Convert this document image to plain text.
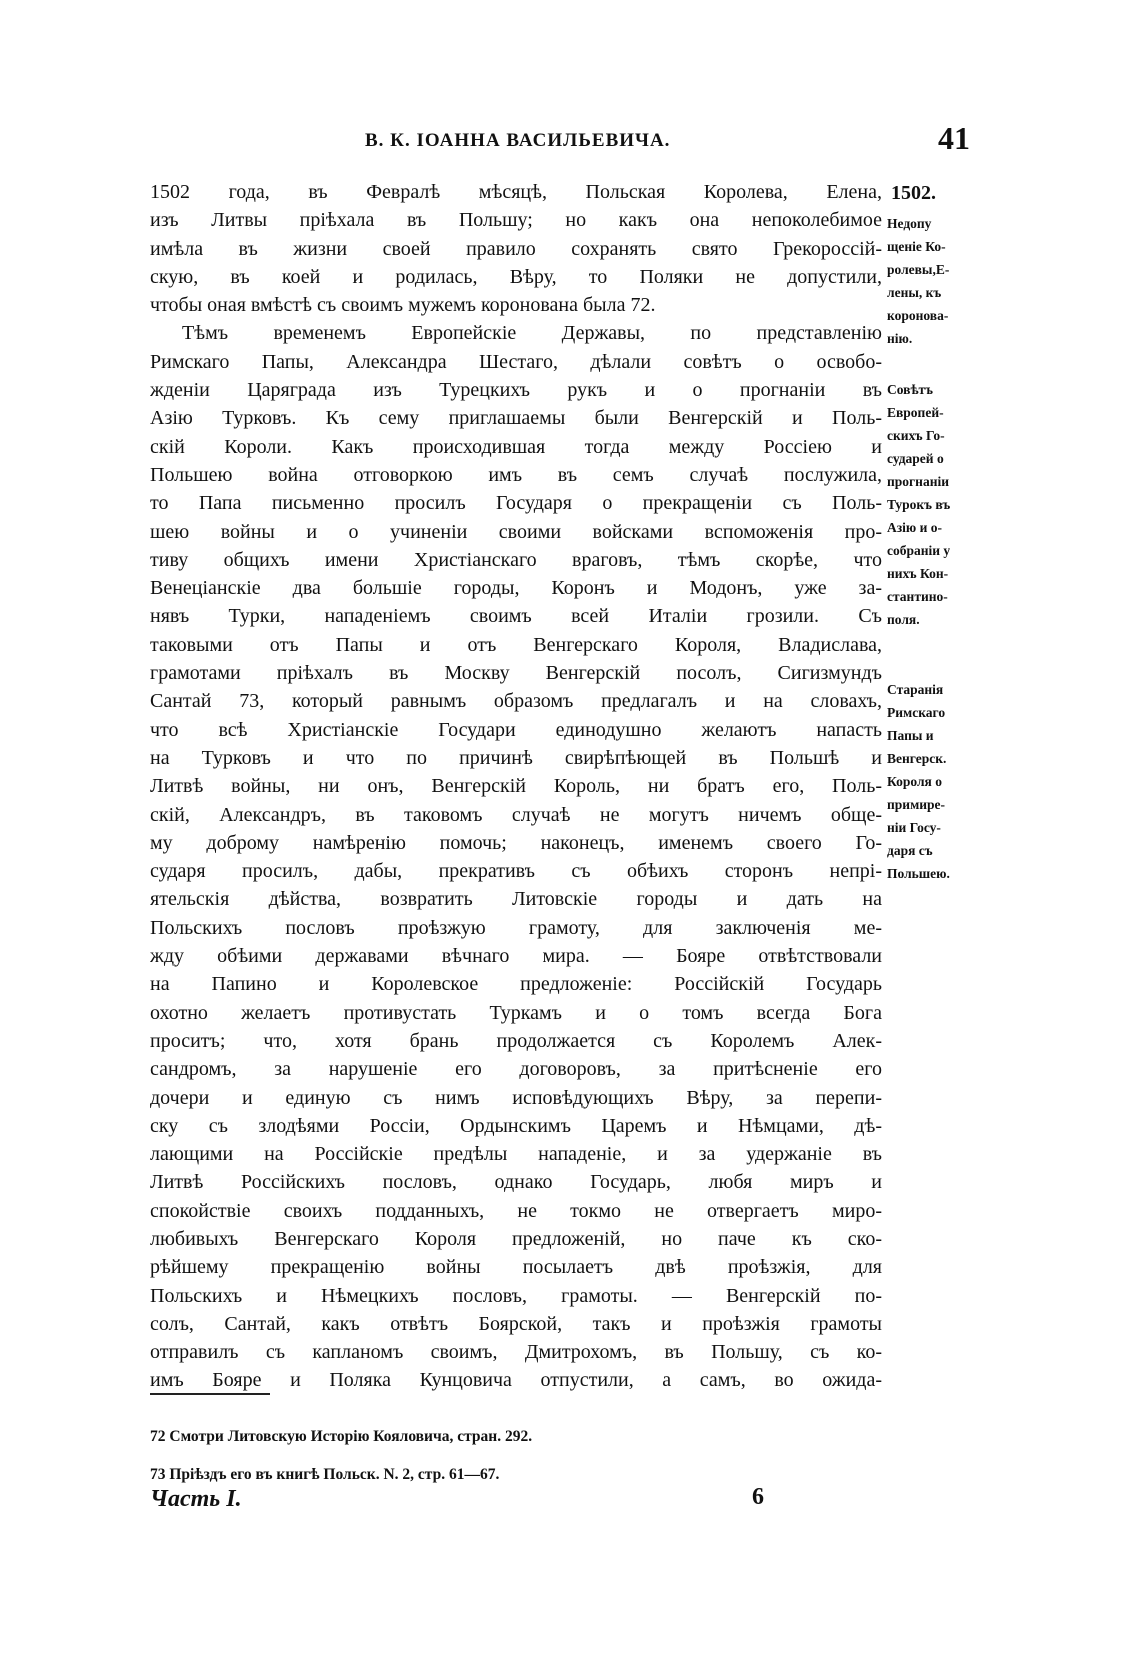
В. К. ІОАННА ВАСИЛЬЕВИЧА.	41
1502.
1502 года, въ Февралѣ мѣсяцѣ, Польская Королева, Елена,
изъ Литвы пріѣхала въ Польшу; но какъ она непоколебимое
имѣла въ жизни своей правило сохранять свято Грекороссій-
скую, въ коей и родилась, Вѣру, то Поляки не допустили,
чтобы оная вмѣстѣ съ своимъ мужемъ коронована была 72.
Тѣмъ временемъ Европейскіе Державы, по представленію
Римскаго Папы, Александра Шестаго, дѣлали совѣтъ о освобо-
жденіи Царяграда изъ Турецкихъ рукъ и о прогнаніи въ
Азію Турковъ. Къ сему приглашаемы были Венгерскій и Поль-
скій Короли. Какъ происходившая тогда между Россіею и
Польшею война отговоркою имъ въ семъ случаѣ послужила,
то Папа письменно просилъ Государя о прекращеніи съ Поль-
шею войны и о учиненіи своими войсками вспоможенія про-
тиву общихъ имени Христіанскаго враговъ, тѣмъ скорѣе, что
Венеціанскіе два большіе городы, Коронъ и Модонъ, уже за-
нявъ Турки, нападеніемъ своимъ всей Италіи грозили. Съ
таковыми отъ Папы и отъ Венгерскаго Короля, Владислава,
грамотами пріѣхалъ въ Москву Венгерскій посолъ, Сигизмундъ
Сантай 73, который равнымъ образомъ предлагалъ и на словахъ,
что всѣ Христіанскіе Государи единодушно желаютъ напасть
на Турковъ и что по причинѣ свирѣпѣющей въ Польшѣ и
Литвѣ войны, ни онъ, Венгерскій Король, ни братъ его, Поль-
скій, Александръ, въ таковомъ случаѣ не могутъ ничемъ обще-
му доброму намѣренію помочь; наконецъ, именемъ своего Го-
сударя просилъ, дабы, прекративъ съ обѣихъ сторонъ непрі-
ятельскія дѣйства, возвратить Литовскіе городы и дать на
Польскихъ пословъ проѣзжую грамоту, для заключенія ме-
жду обѣими державами вѣчнаго мира. — Бояре отвѣтствовали
на Папино и Королевское предложеніе: Россійскій Государь
охотно желаетъ противустать Туркамъ и о томъ всегда Бога
проситъ; что, хотя брань продолжается съ Королемъ Алек-
сандромъ, за нарушеніе его договоровъ, за притѣсненіе его
дочери и единую съ нимъ исповѣдующихъ Вѣру, за перепи-
ску съ злодѣями Россіи, Ордынскимъ Царемъ и Нѣмцами, дѣ-
лающими на Россійскіе предѣлы нападеніе, и за удержаніе въ
Литвѣ Россійскихъ пословъ, однако Государь, любя миръ и
спокойствіе своихъ подданныхъ, не токмо не отвергаетъ миро-
любивыхъ Венгерскаго Короля предложеній, но паче къ ско-
рѣйшему прекращенію войны посылаетъ двѣ проѣзжія, для
Польскихъ и Нѣмецкихъ пословъ, грамоты. — Венгерскій по-
солъ, Сантай, какъ отвѣтъ Боярской, такъ и проѣзжія грамоты
отправилъ съ капланомъ своимъ, Дмитрохомъ, въ Польшу, съ ко-
имъ Бояре и Поляка Кунцовича отпустили, а самъ, во ожида-
Недопу
щеніе Ко-
ролевы,Е-
лены, къ
коронова-
нію.
Совѣтъ
Европей-
скихъ Го-
сударей о
прогнаніи
Турокъ въ
Азію и о-
собраніи у
нихъ Кон-
стантино-
поля.
Старанія
Римскаго
Папы и
Венгерск.
Короля о
примире-
ніи Госу-
даря съ
Польшею.
72 Смотри Литовскую Исторію Кояловича, стран. 292.
73 Пріѣздъ его въ книгѣ Польск. N. 2, стр. 61—67.
Часть I.	6
